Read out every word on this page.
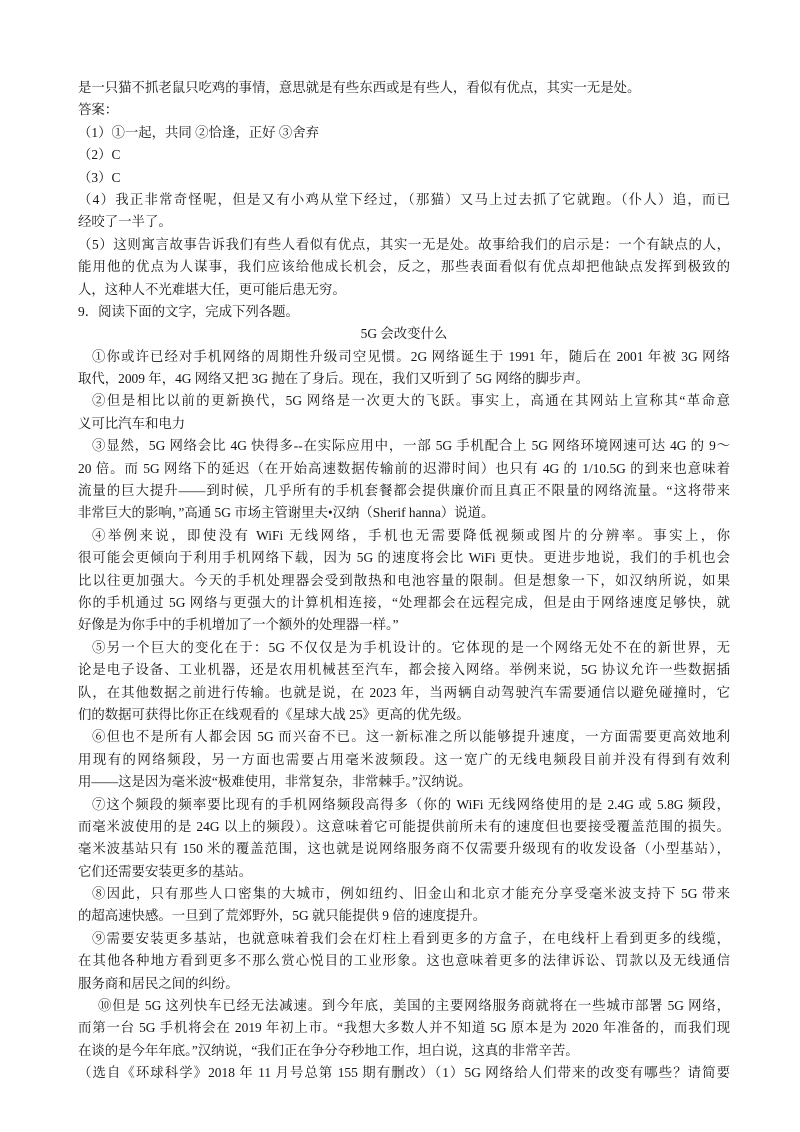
是一只猫不抓老鼠只吃鸡的事情，意思就是有些东西或是有些人，看似有优点，其实一无是处。
答案：
（1）①一起，共同 ②恰逢，正好 ③舍弃
（2）C
（3）C
（4）我正非常奇怪呢，但是又有小鸡从堂下经过，（那猫）又马上过去抓了它就跑。（仆人）追，而已
经咬了一半了。
（5）这则寓言故事告诉我们有些人看似有优点，其实一无是处。故事给我们的启示是：一个有缺点的人，
能用他的优点为人谋事，我们应该给他成长机会，反之，那些表面看似有优点却把他缺点发挥到极致的
人，这种人不光难堪大任，更可能后患无穷。
9．阅读下面的文字，完成下列各题。
5G 会改变什么
①你或许已经对手机网络的周期性升级司空见惯。2G 网络诞生于 1991 年，随后在 2001 年被 3G 网络
取代，2009 年，4G 网络又把 3G 抛在了身后。现在，我们又听到了 5G 网络的脚步声。
②但是相比以前的更新换代，5G 网络是一次更大的飞跃。事实上，高通在其网站上宣称其“革命意
义可比汽车和电力
③显然，5G 网络会比 4G 快得多--在实际应用中，一部 5G 手机配合上 5G 网络环境网速可达 4G 的 9～
20 倍。而 5G 网络下的延迟（在开始高速数据传输前的迟滞时间）也只有 4G 的 1/10.5G 的到来也意味着
流量的巨大提升——到时候，几乎所有的手机套餐都会提供廉价而且真正不限量的网络流量。“这将带来
非常巨大的影响，”高通 5G 市场主管谢里夫•汉纳（Sherif hanna）说道。
④举例来说，即使没有 WiFi 无线网络，手机也无需要降低视频或图片的分辨率。事实上，你
很可能会更倾向于利用手机网络下载，因为 5G 的速度将会比 WiFi 更快。更进步地说，我们的手机也会
比以往更加强大。今天的手机处理器会受到散热和电池容量的限制。但是想象一下，如汉纳所说，如果
你的手机通过 5G 网络与更强大的计算机相连接，“处理都会在远程完成，但是由于网络速度足够快，就
好像是为你手中的手机增加了一个额外的处理器一样。”
⑤另一个巨大的变化在于：5G 不仅仅是为手机设计的。它体现的是一个网络无处不在的新世界，无
论是电子设备、工业机器，还是农用机械甚至汽车，都会接入网络。举例来说，5G 协议允许一些数据插
队，在其他数据之前进行传输。也就是说，在 2023 年，当两辆自动驾驶汽车需要通信以避免碰撞时，它
们的数据可获得比你正在线观看的《星球大战 25》更高的优先级。
⑥但也不是所有人都会因 5G 而兴奋不已。这一新标准之所以能够提升速度，一方面需要更高效地利
用现有的网络频段，另一方面也需要占用毫米波频段。这一宽广的无线电频段目前并没有得到有效利
用——这是因为毫米波“极难使用，非常复杂，非常棘手。”汉纳说。
⑦这个频段的频率要比现有的手机网络频段高得多（你的 WiFi 无线网络使用的是 2.4G 或 5.8G 频段，
而毫米波使用的是 24G 以上的频段）。这意味着它可能提供前所未有的速度但也要接受覆盖范围的损失。
毫米波基站只有 150 米的覆盖范围，这也就是说网络服务商不仅需要升级现有的收发设备（小型基站），
它们还需要安装更多的基站。
⑧因此，只有那些人口密集的大城市，例如纽约、旧金山和北京才能充分享受毫米波支持下 5G 带来
的超高速快感。一旦到了荒郊野外，5G 就只能提供 9 倍的速度提升。
⑨需要安装更多基站，也就意味着我们会在灯柱上看到更多的方盒子，在电线杆上看到更多的线缆，
在其他各种地方看到更多不那么赏心悦目的工业形象。这也意味着更多的法律诉讼、罚款以及无线通信
服务商和居民之间的纠纷。
⑩但是 5G 这列快车已经无法减速。到今年底，美国的主要网络服务商就将在一些城市部署 5G 网络，
而第一台 5G 手机将会在 2019 年初上市。“我想大多数人并不知道 5G 原本是为 2020 年准备的，而我们现
在谈的是今年年底。”汉纳说，“我们正在争分夺秒地工作，坦白说，这真的非常辛苦。
（选自《环球科学》2018 年 11 月号总第 155 期有删改）（1）5G 网络给人们带来的改变有哪些？请简要
